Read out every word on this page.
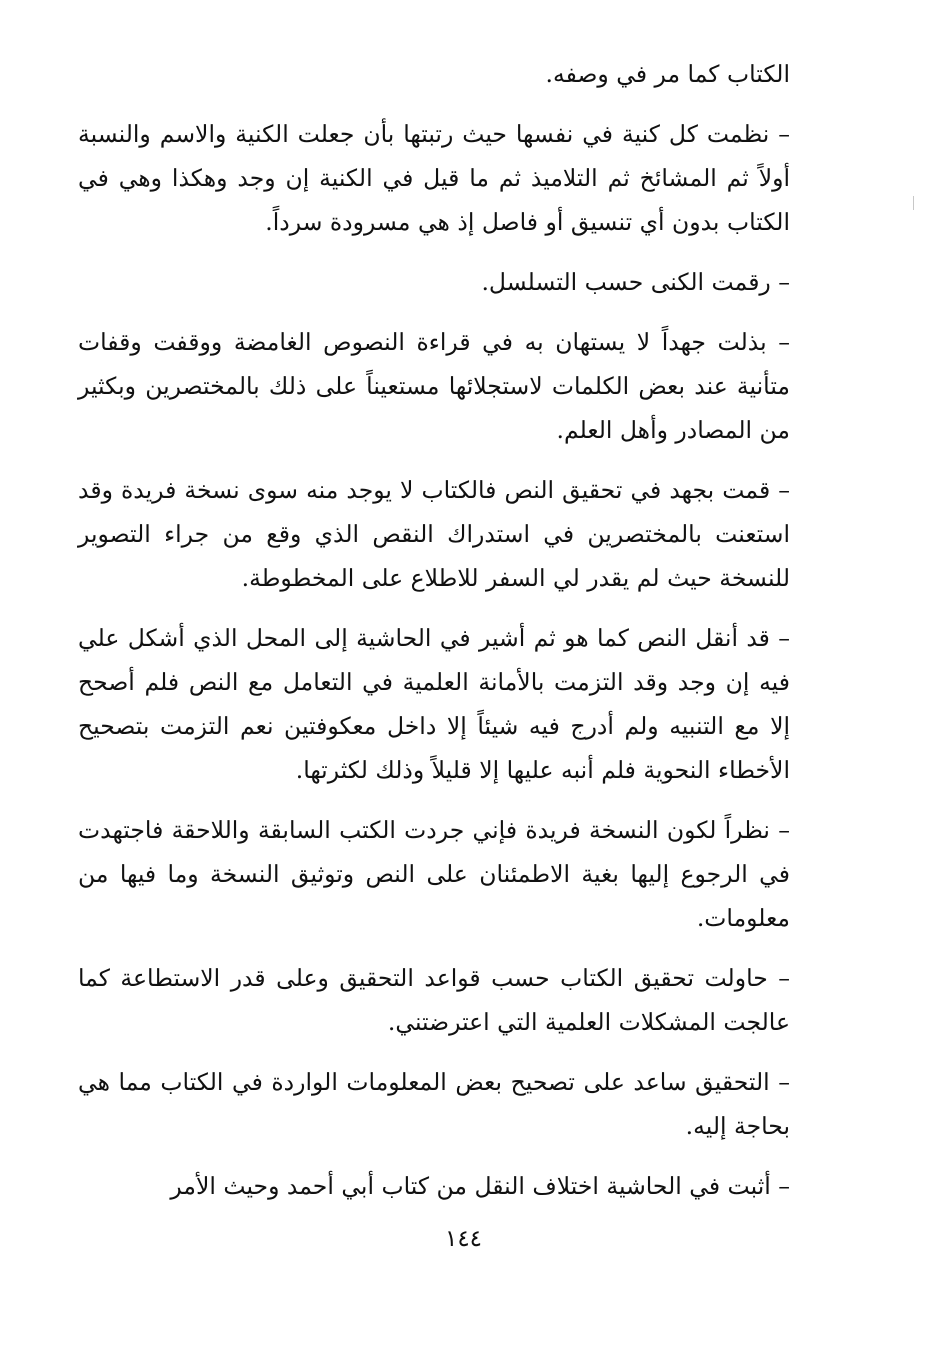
الكتاب كما مر في وصفه.

– نظمت كل كنية في نفسها حيث رتبتها بأن جعلت الكنية والاسم والنسبة أولاً ثم المشائخ ثم التلاميذ ثم ما قيل في الكنية إن وجد وهكذا وهي في الكتاب بدون أي تنسيق أو فاصل إذ هي مسرودة سرداً.

– رقمت الكنى حسب التسلسل.

– بذلت جهداً لا يستهان به في قراءة النصوص الغامضة ووقفت وقفات متأنية عند بعض الكلمات لاستجلائها مستعيناً على ذلك بالمختصرين وبكثير من المصادر وأهل العلم.

– قمت بجهد في تحقيق النص فالكتاب لا يوجد منه سوى نسخة فريدة وقد استعنت بالمختصرين في استدراك النقص الذي وقع من جراء التصوير للنسخة حيث لم يقدر لي السفر للاطلاع على المخطوطة.

– قد أنقل النص كما هو ثم أشير في الحاشية إلى المحل الذي أشكل علي فيه إن وجد وقد التزمت بالأمانة العلمية في التعامل مع النص فلم أصحح إلا مع التنبيه ولم أدرج فيه شيئاً إلا داخل معكوفتين نعم التزمت بتصحيح الأخطاء النحوية فلم أنبه عليها إلا قليلاً وذلك لكثرتها.

– نظراً لكون النسخة فريدة فإني جردت الكتب السابقة واللاحقة فاجتهدت في الرجوع إليها بغية الاطمئنان على النص وتوثيق النسخة وما فيها من معلومات.

– حاولت تحقيق الكتاب حسب قواعد التحقيق وعلى قدر الاستطاعة كما عالجت المشكلات العلمية التي اعترضتني.

– التحقيق ساعد على تصحيح بعض المعلومات الواردة في الكتاب مما هي بحاجة إليه.

– أثبت في الحاشية اختلاف النقل من كتاب أبي أحمد وحيث الأمر

١٤٤
